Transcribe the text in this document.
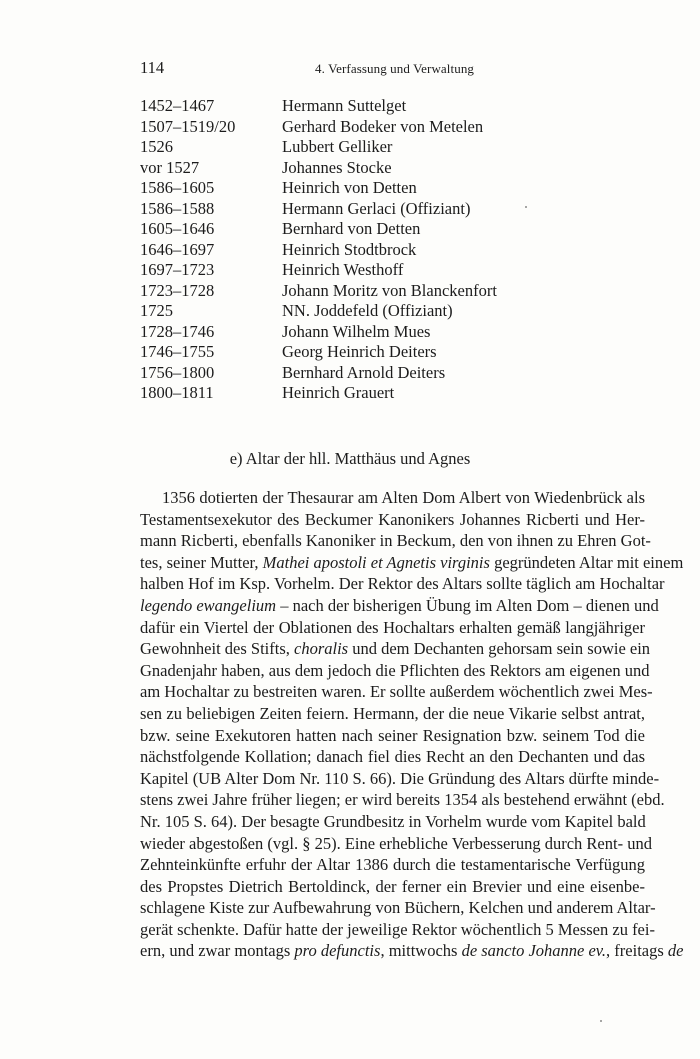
114	4. Verfassung und Verwaltung
1452–1467	Hermann Suttelget
1507–1519/20	Gerhard Bodeker von Metelen
1526	Lubbert Gelliker
vor 1527	Johannes Stocke
1586–1605	Heinrich von Detten
1586–1588	Hermann Gerlaci (Offiziant)
1605–1646	Bernhard von Detten
1646–1697	Heinrich Stodtbrock
1697–1723	Heinrich Westhoff
1723–1728	Johann Moritz von Blanckenfort
1725	NN. Joddefeld (Offiziant)
1728–1746	Johann Wilhelm Mues
1746–1755	Georg Heinrich Deiters
1756–1800	Bernhard Arnold Deiters
1800–1811	Heinrich Grauert
e) Altar der hll. Matthäus und Agnes
1356 dotierten der Thesaurar am Alten Dom Albert von Wiedenbrück als
Testamentsexekutor des Beckumer Kanonikers Johannes Ricberti und Her-
mann Ricberti, ebenfalls Kanoniker in Beckum, den von ihnen zu Ehren Got-
tes, seiner Mutter, Mathei apostoli et Agnetis virginis gegründeten Altar mit einem
halben Hof im Ksp. Vorhelm. Der Rektor des Altars sollte täglich am Hochaltar
legendo ewangelium – nach der bisherigen Übung im Alten Dom – dienen und
dafür ein Viertel der Oblationen des Hochaltars erhalten gemäß langjähriger
Gewohnheit des Stifts, choralis und dem Dechanten gehorsam sein sowie ein
Gnadenjahr haben, aus dem jedoch die Pflichten des Rektors am eigenen und
am Hochaltar zu bestreiten waren. Er sollte außerdem wöchentlich zwei Mes-
sen zu beliebigen Zeiten feiern. Hermann, der die neue Vikarie selbst antrat,
bzw. seine Exekutoren hatten nach seiner Resignation bzw. seinem Tod die
nächstfolgende Kollation; danach fiel dies Recht an den Dechanten und das
Kapitel (UB Alter Dom Nr. 110 S. 66). Die Gründung des Altars dürfte minde-
stens zwei Jahre früher liegen; er wird bereits 1354 als bestehend erwähnt (ebd.
Nr. 105 S. 64). Der besagte Grundbesitz in Vorhelm wurde vom Kapitel bald
wieder abgestoßen (vgl. § 25). Eine erhebliche Verbesserung durch Rent- und
Zehnteinkünfte erfuhr der Altar 1386 durch die testamentarische Verfügung
des Propstes Dietrich Bertoldinck, der ferner ein Brevier und eine eisenbe-
schlagene Kiste zur Aufbewahrung von Büchern, Kelchen und anderem Altar-
gerät schenkte. Dafür hatte der jeweilige Rektor wöchentlich 5 Messen zu fei-
ern, und zwar montags pro defunctis, mittwochs de sancto Johanne ev., freitags de
